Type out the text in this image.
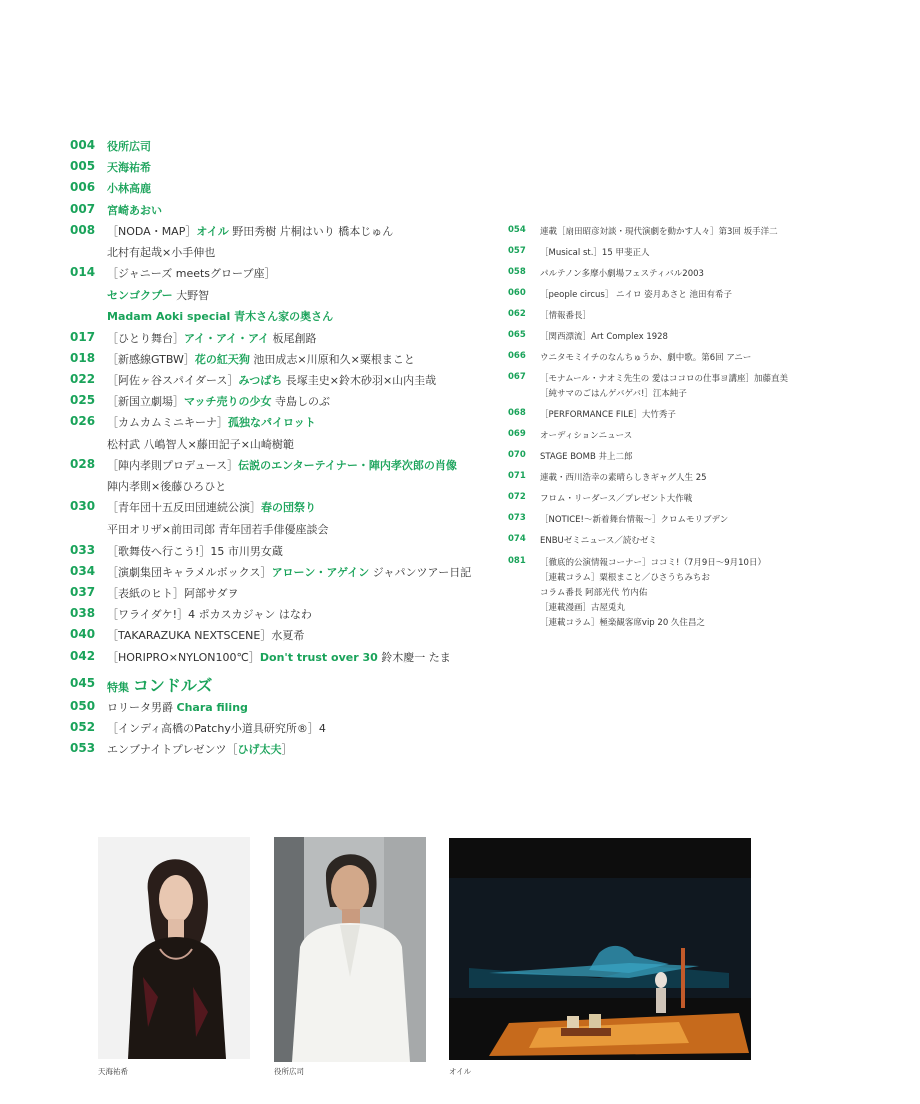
004	役所広司
005	天海祐希
006	小林高鹿
007	宮崎あおい
008	［NODA・MAP］オイル 野田秀樹 片桐はいり 橋本じゅん
北村有起哉×小手伸也
014	［ジャニーズ meetsグローブ座］
センゴクプー 大野智
Madam Aoki special 青木さん家の奥さん
017	［ひとり舞台］アイ・アイ・アイ 板尾創路
018	［新感線GTBW］花の紅天狗 池田成志×川原和久×粟根まこと
022	［阿佐ヶ谷スパイダース］みつばち 長塚圭史×鈴木砂羽×山内圭哉
025	［新国立劇場］マッチ売りの少女 寺島しのぶ
026	［カムカムミニキーナ］孤独なパイロット
松村武 八嶋智人×藤田記子×山崎樹範
028	［陣内孝則プロデュース］伝説のエンターテイナー・陣内孝次郎の肖像
陣内孝則×後藤ひろひと
030	［青年団十五反田団連続公演］春の団祭り
平田オリザ×前田司郎 青年団若手俳優座談会
033	［歌舞伎へ行こう!］15 市川男女蔵
034	［演劇集団キャラメルボックス］アローン・アゲイン ジャパンツアー日記
037	［表紙のヒト］阿部サダヲ
038	［ワライダケ!］4 ポカスカジャン はなわ
040	［TAKARAZUKA NEXTSCENE］水夏希
042	［HORIPRO×NYLON100℃］Don't trust over 30 鈴木慶一 たま
045	特集 コンドルズ
050	ロリータ男爵 Chara filing
052	［インディ高橋のPatchy小道具研究所®］4
053	エンブナイトプレゼンツ［ひげ太夫］
054	連載［扇田昭彦対談・現代演劇を動かす人々］第3回 坂手洋二
057	［Musical st.］15 甲斐正人
058	パルテノン多摩小劇場フェスティバル2003
060	［people circus］ ニイロ 姿月あさと 池田有希子
062	［情報番長］
065	［関西漂流］Art Complex 1928
066	ウニタモミイチのなんちゅうか、劇中歌。第6回 アニー
067	［モナムール・ナオミ先生の 愛はココロの仕事ヨ講座］加藤直美
［純サマのごはんゲバゲバ!］江本純子
068	［PERFORMANCE FILE］大竹秀子
069	オーディションニュース
070	STAGE BOMB 井上二郎
071	連載・西川浩幸の素晴らしきギャグ人生 25
072	フロム・リーダース／プレゼント大作戦
073	［NOTICE!～新着舞台情報～］クロムモリブデン
074	ENBUゼミニュース／読むゼミ
081	［徹底的公演情報コーナー］ココミ!（7月9日～9月10日）
［連載コラム］粟根まこと／ひさうちみちお
コラム番長 阿部光代 竹内佑
［連載漫画］古屋兎丸
［連載コラム］極楽観客席vip 20 久住昌之
天海祐希	役所広司	オイル
